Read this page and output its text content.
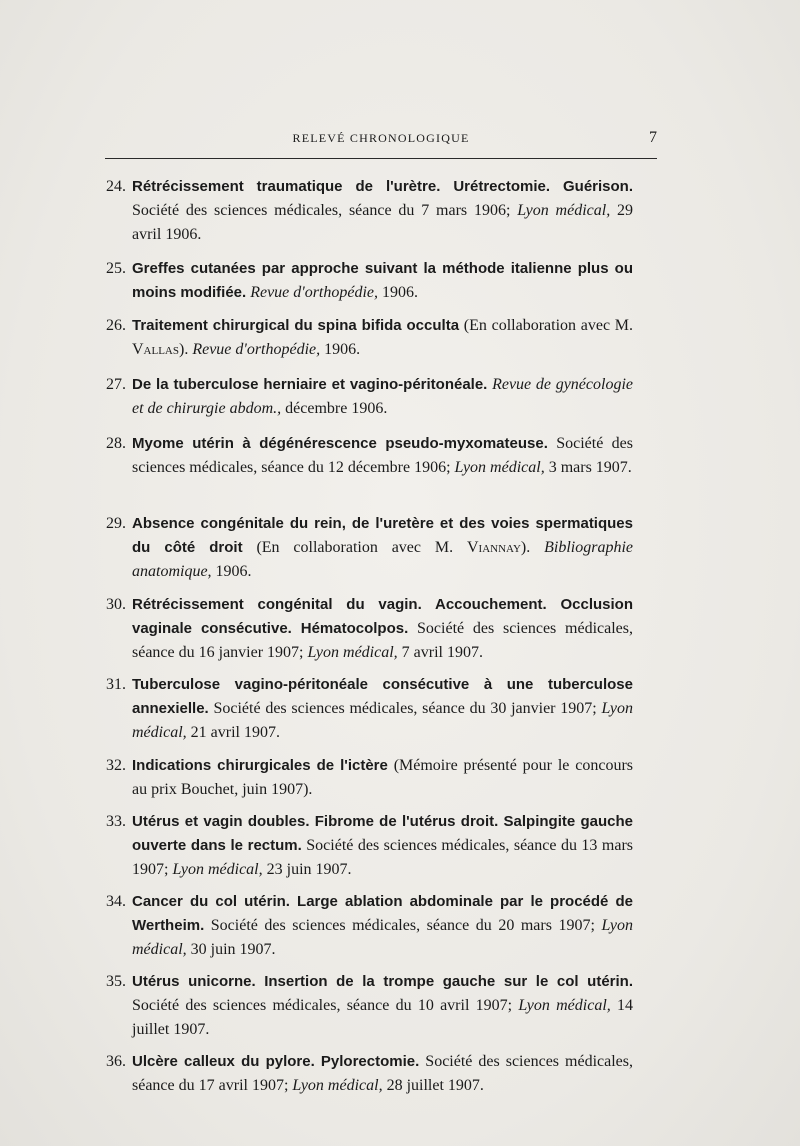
RELEVÉ CHRONOLOGIQUE	7
24. Rétrécissement traumatique de l'urètre. Urétrectomie. Guérison. Société des sciences médicales, séance du 7 mars 1906; Lyon médical, 29 avril 1906.
25. Greffes cutanées par approche suivant la méthode italienne plus ou moins modifiée. Revue d'orthopédie, 1906.
26. Traitement chirurgical du spina bifida occulta (En collaboration avec M. Vallas). Revue d'orthopédie, 1906.
27. De la tuberculose herniaire et vagino-péritonéale. Revue de gynécologie et de chirurgie abdom., décembre 1906.
28. Myome utérin à dégénérescence pseudo-myxomateuse. Société des sciences médicales, séance du 12 décembre 1906; Lyon médical, 3 mars 1907.
29. Absence congénitale du rein, de l'uretère et des voies spermatiques du côté droit (En collaboration avec M. Viannay). Bibliographie anatomique, 1906.
30. Rétrécissement congénital du vagin. Accouchement. Occlusion vaginale consécutive. Hématocolpos. Société des sciences médicales, séance du 16 janvier 1907; Lyon médical, 7 avril 1907.
31. Tuberculose vagino-péritonéale consécutive à une tuberculose annexielle. Société des sciences médicales, séance du 30 janvier 1907; Lyon médical, 21 avril 1907.
32. Indications chirurgicales de l'ictère (Mémoire présenté pour le concours au prix Bouchet, juin 1907).
33. Utérus et vagin doubles. Fibrome de l'utérus droit. Salpingite gauche ouverte dans le rectum. Société des sciences médicales, séance du 13 mars 1907; Lyon médical, 23 juin 1907.
34. Cancer du col utérin. Large ablation abdominale par le procédé de Wertheim. Société des sciences médicales, séance du 20 mars 1907; Lyon médical, 30 juin 1907.
35. Utérus unicorne. Insertion de la trompe gauche sur le col utérin. Société des sciences médicales, séance du 10 avril 1907; Lyon médical, 14 juillet 1907.
36. Ulcère calleux du pylore. Pylorectomie. Société des sciences médicales, séance du 17 avril 1907; Lyon médical, 28 juillet 1907.
